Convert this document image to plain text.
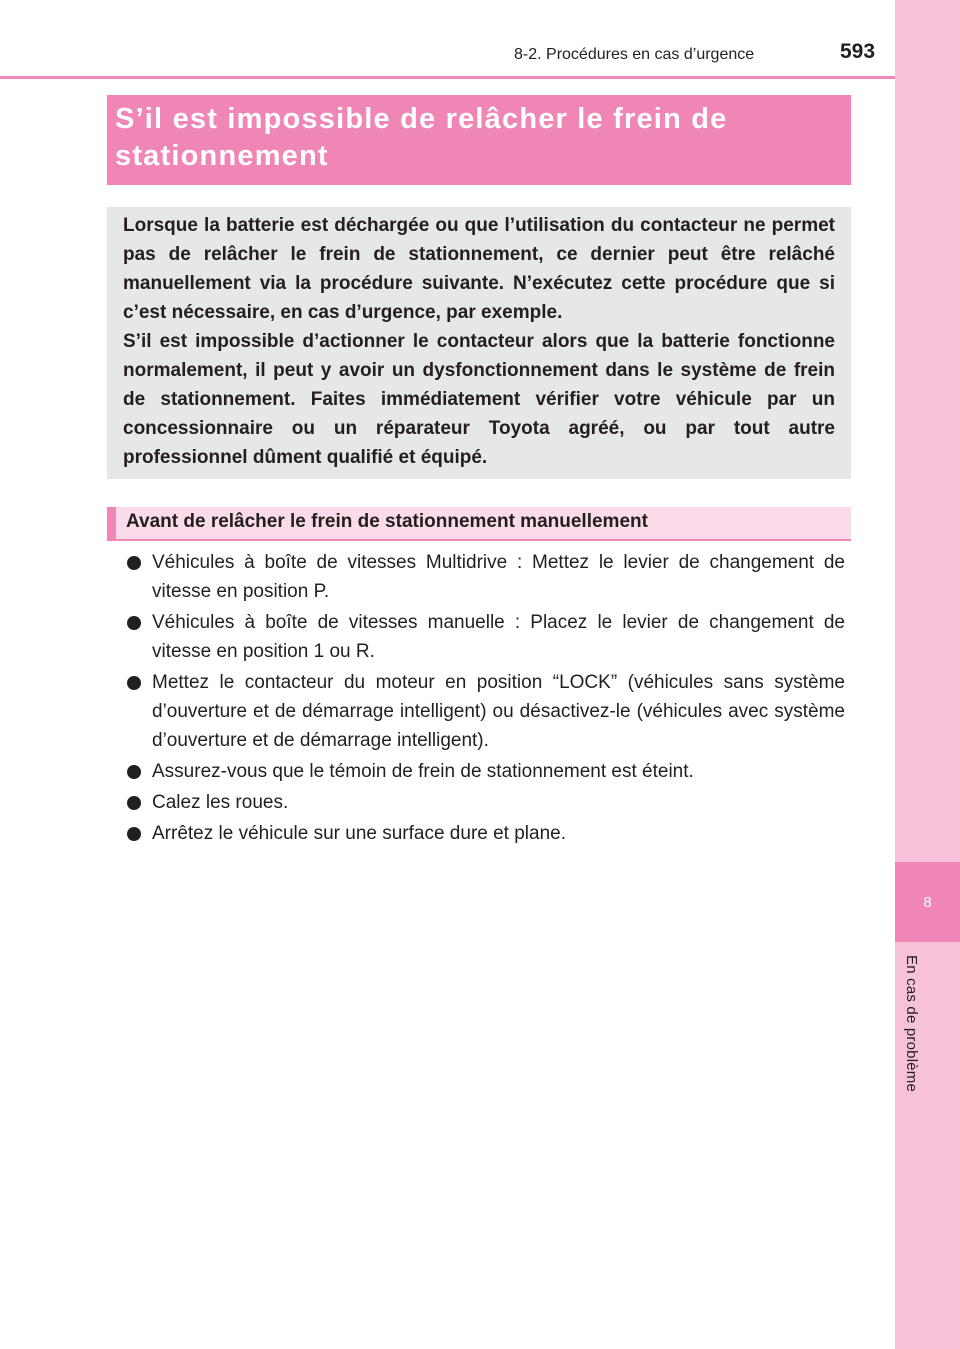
8
En cas de problème
8-2. Procédures en cas d’urgence	593
S’il est impossible de relâcher le frein de stationnement

Lorsque la batterie est déchargée ou que l’utilisation du contacteur ne permet pas de relâcher le frein de stationnement, ce dernier peut être relâché manuellement via la procédure suivante. N’exécutez cette procédure que si c’est nécessaire, en cas d’urgence, par exemple.

S’il est impossible d’actionner le contacteur alors que la batterie fonctionne normalement, il peut y avoir un dysfonctionnement dans le système de frein de stationnement. Faites immédiatement vérifier votre véhicule par un concessionnaire ou un réparateur Toyota agréé, ou par tout autre professionnel dûment qualifié et équipé.

Avant de relâcher le frein de stationnement manuellement
Véhicules à boîte de vitesses Multidrive : Mettez le levier de changement de vitesse en position P.
Véhicules à boîte de vitesses manuelle : Placez le levier de changement de vitesse en position 1 ou R.
Mettez le contacteur du moteur en position “LOCK” (véhicules sans système d’ouverture et de démarrage intelligent) ou désactivez-le (véhicules avec système d’ouverture et de démarrage intelligent).
Assurez-vous que le témoin de frein de stationnement est éteint.
Calez les roues.
Arrêtez le véhicule sur une surface dure et plane.
